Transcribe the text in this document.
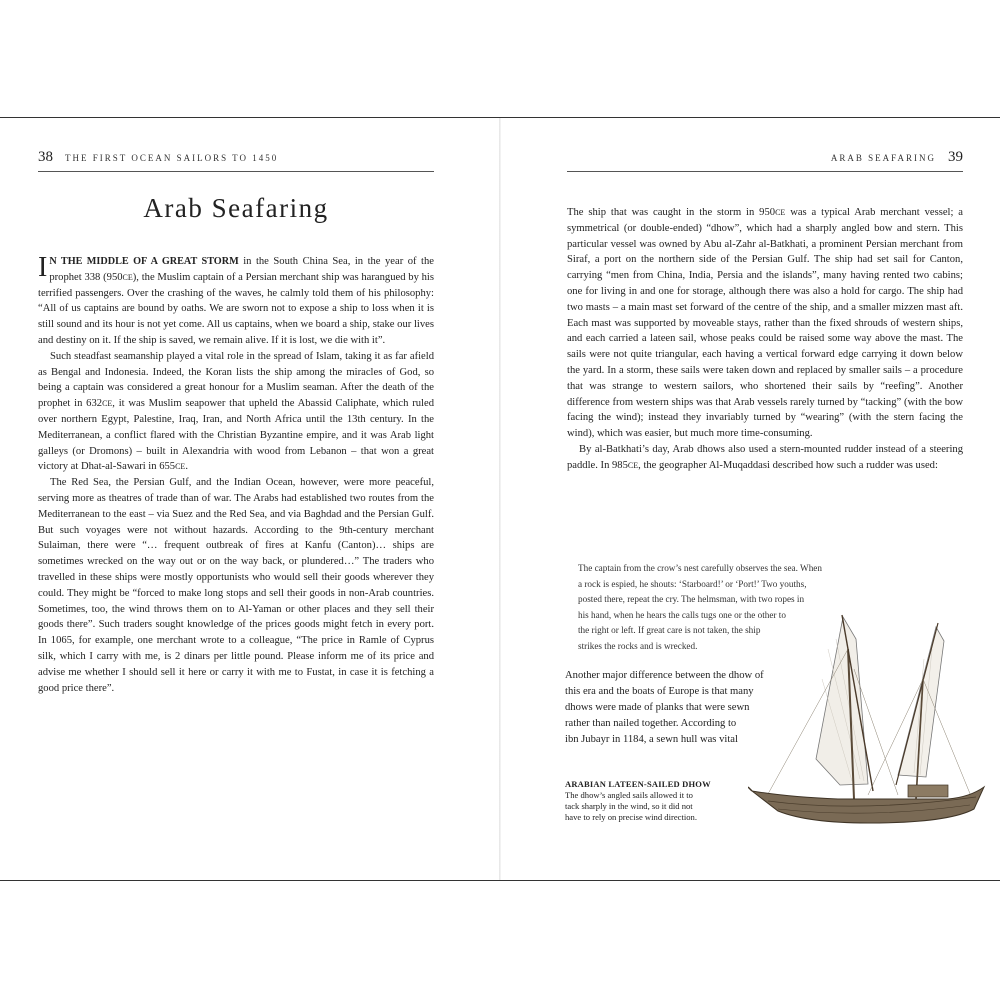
38 THE FIRST OCEAN SAILORS TO 1450
Arab Seafaring

I N THE MIDDLE OF A GREAT STORM in the South China Sea, in the year of the prophet 338 (950CE), the Muslim captain of a Persian merchant ship was harangued by his terrified passengers. Over the crashing of the waves, he calmly told them of his philosophy: “All of us captains are bound by oaths. We are sworn not to expose a ship to loss when it is still sound and its hour is not yet come. All us captains, when we board a ship, stake our lives and destiny on it. If the ship is saved, we remain alive. If it is lost, we die with it”.

Such steadfast seamanship played a vital role in the spread of Islam, taking it as far afield as Bengal and Indonesia. Indeed, the Koran lists the ship among the miracles of God, so being a captain was considered a great honour for a Muslim seaman. After the death of the prophet in 632CE, it was Muslim seapower that upheld the Abassid Caliphate, which ruled over northern Egypt, Palestine, Iraq, Iran, and North Africa until the 13th century. In the Mediterranean, a conflict flared with the Christian Byzantine empire, and it was Arab light galleys (or Dromons) – built in Alexandria with wood from Lebanon – that won a great victory at Dhat-al-Sawari in 655CE.

The Red Sea, the Persian Gulf, and the Indian Ocean, however, were more peaceful, serving more as theatres of trade than of war. The Arabs had established two routes from the Mediterranean to the east – via Suez and the Red Sea, and via Baghdad and the Persian Gulf. But such voyages were not without hazards. According to the 9th-century merchant Sulaiman, there were “… frequent outbreak of fires at Kanfu (Canton)… ships are sometimes wrecked on the way out or on the way back, or plundered…” The traders who travelled in these ships were mostly opportunists who would sell their goods wherever they could. They might be “forced to make long stops and sell their goods in non-Arab countries. Sometimes, too, the wind throws them on to Al-Yaman or other places and they sell their goods there”. Such traders sought knowledge of the prices goods might fetch in every port. In 1065, for example, one merchant wrote to a colleague, “The price in Ramle of Cyprus silk, which I carry with me, is 2 dinars per little pound. Please inform me of its price and advise me whether I should sell it here or carry it with me to Fustat, in case it is fetching a good price there”.

ARAB SEAFARING 39

The ship that was caught in the storm in 950CE was a typical Arab merchant vessel; a symmetrical (or double-ended) “dhow”, which had a sharply angled bow and stern. This particular vessel was owned by Abu al-Zahr al-Batkhati, a prominent Persian merchant from Siraf, a port on the northern side of the Persian Gulf. The ship had set sail for Canton, carrying “men from China, India, Persia and the islands”, many having rented two cabins; one for living in and one for storage, although there was also a hold for cargo. The ship had two masts – a main mast set forward of the centre of the ship, and a smaller mizzen mast aft. Each mast was supported by moveable stays, rather than the fixed shrouds of western ships, and each carried a lateen sail, whose peaks could be raised some way above the mast. The sails were not quite triangular, each having a vertical forward edge carrying it down below the yard. In a storm, these sails were taken down and replaced by smaller sails – a procedure that was strange to western sailors, who shortened their sails by “reefing”. Another difference from western ships was that Arab vessels rarely turned by “tacking” (with the bow facing the wind); instead they invariably turned by “wearing” (with the stern facing the wind), which was easier, but much more time-consuming.

By al-Batkhati’s day, Arab dhows also used a stern-mounted rudder instead of a steering paddle. In 985CE, the geographer Al-Muqaddasi described how such a rudder was used:

The captain from the crow’s nest carefully observes the sea. When
a rock is espied, he shouts: ‘Starboard!’ or ‘Port!’ Two youths,
posted there, repeat the cry. The helmsman, with two ropes in
his hand, when he hears the calls tugs one or the other to
the right or left. If great care is not taken, the ship
strikes the rocks and is wrecked.
Another major difference between the dhow of
this era and the boats of Europe is that many
dhows were made of planks that were sewn
rather than nailed together. According to
ibn Jubayr in 1184, a sewn hull was vital
ARABIAN LATEEN-SAILED DHOW
The dhow’s angled sails allowed it to
tack sharply in the wind, so it did not
have to rely on precise wind direction.
